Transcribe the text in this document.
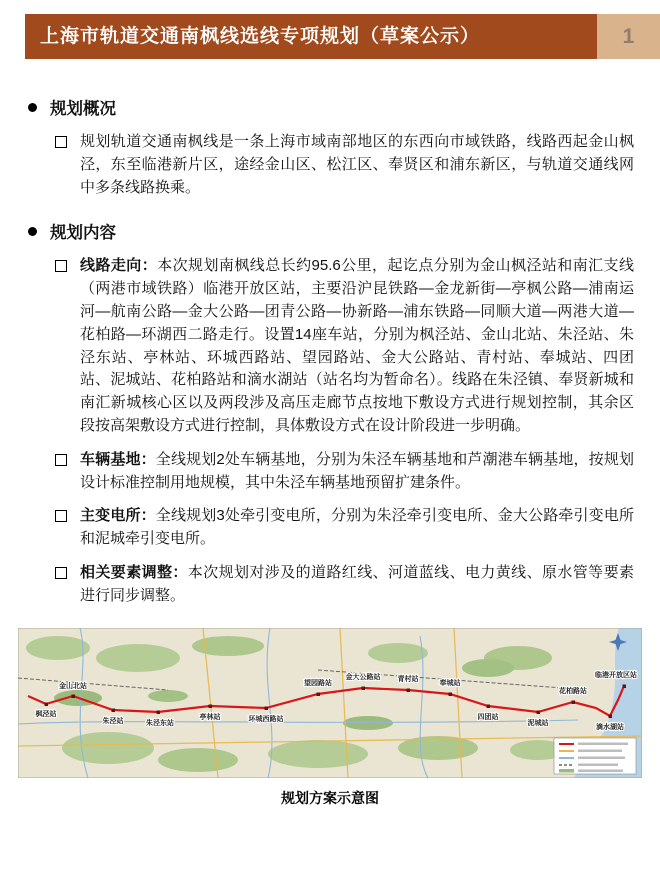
上海市轨道交通南枫线选线专项规划（草案公示）	1
规划概况
规划轨道交通南枫线是一条上海市域南部地区的东西向市域铁路，线路西起金山枫泾，东至临港新片区，途经金山区、松江区、奉贤区和浦东新区，与轨道交通线网中多条线路换乘。
规划内容
线路走向：本次规划南枫线总长约95.6公里，起讫点分别为金山枫泾站和南汇支线（两港市域铁路）临港开放区站，主要沿沪昆铁路—金龙新街—亭枫公路—浦南运河—航南公路—金大公路—团青公路—协新路—浦东铁路—同顺大道—两港大道—花柏路—环湖西二路走行。设置14座车站，分别为枫泾站、金山北站、朱泾站、朱泾东站、亭林站、环城西路站、望园路站、金大公路站、青村站、奉城站、四团站、泥城站、花柏路站和滴水湖站（站名均为暂命名）。线路在朱泾镇、奉贤新城和南汇新城核心区以及两段涉及高压走廊节点按地下敷设方式进行规划控制，其余区段按高架敷设方式进行控制，具体敷设方式在设计阶段进一步明确。
车辆基地：全线规划2处车辆基地，分别为朱泾车辆基地和芦潮港车辆基地，按规划设计标准控制用地规模，其中朱泾车辆基地预留扩建条件。
主变电所：全线规划3处牵引变电所，分别为朱泾牵引变电所、金大公路牵引变电所和泥城牵引变电所。
相关要素调整：本次规划对涉及的道路红线、河道蓝线、电力黄线、原水管等要素进行同步调整。
枫泾站
金山北站
朱泾站	朱泾东站
亭林站	环城西路站
望园路站
金大公路站 青村站
奉城站
四团站
泥城站
花柏路站
滴水湖站
临港开放区站
规划方案示意图
